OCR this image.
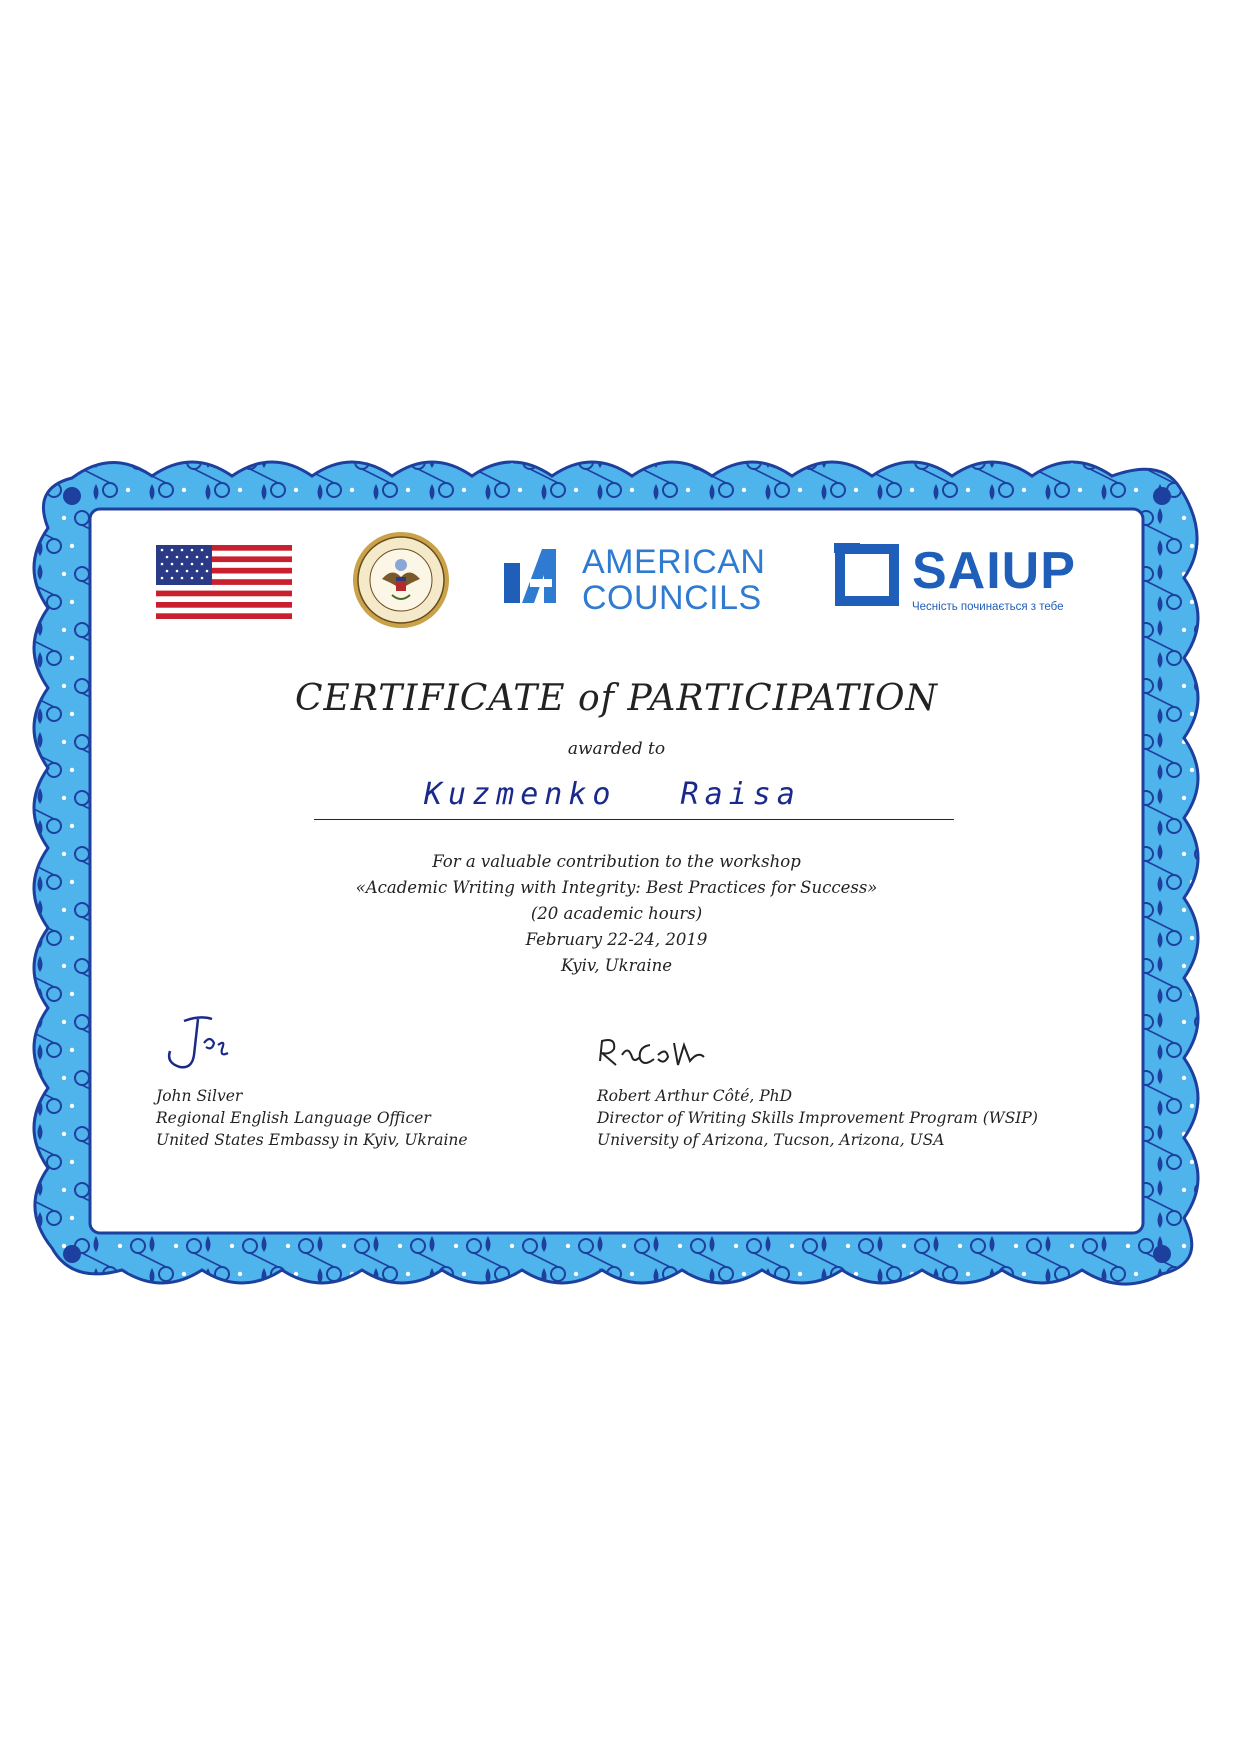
AMERICAN
COUNCILS	SAIUP
Чесність починається з тебе
CERTIFICATE of PARTICIPATION
awarded to
Kuzmenko Raisa
For a valuable contribution to the workshop
«Academic Writing with Integrity: Best Practices for Success»
(20 academic hours)
February 22-24, 2019
Kyiv, Ukraine
John Silver
Regional English Language Officer
United States Embassy in Kyiv, Ukraine
Robert Arthur Côté, PhD
Director of Writing Skills Improvement Program (WSIP)
University of Arizona, Tucson, Arizona, USA
